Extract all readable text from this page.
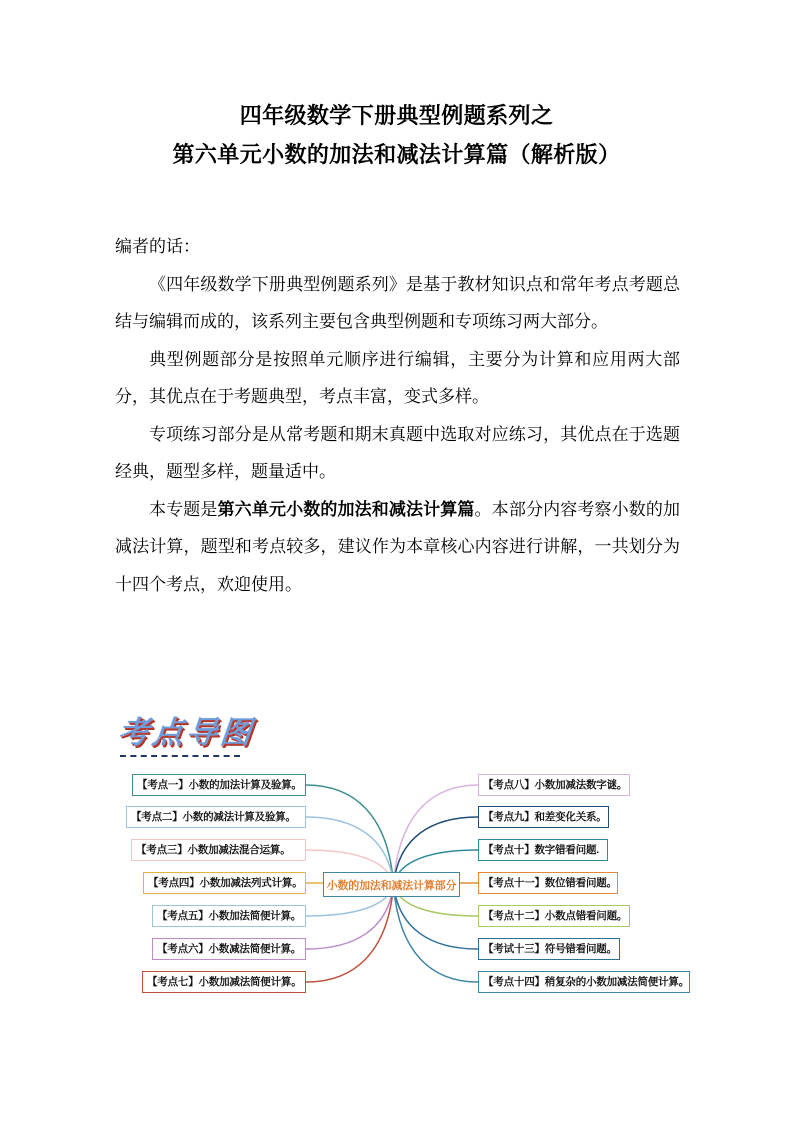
四年级数学下册典型例题系列之
第六单元小数的加法和减法计算篇（解析版）

编者的话：

《四年级数学下册典型例题系列》是基于教材知识点和常年考点考题总结与编辑而成的，该系列主要包含典型例题和专项练习两大部分。

典型例题部分是按照单元顺序进行编辑，主要分为计算和应用两大部分，其优点在于考题典型，考点丰富，变式多样。

专项练习部分是从常考题和期末真题中选取对应练习，其优点在于选题经典，题型多样，题量适中。

本专题是第六单元小数的加法和减法计算篇。本部分内容考察小数的加减法计算，题型和考点较多，建议作为本章核心内容进行讲解，一共划分为十四个考点，欢迎使用。

考点导图
小数的加法和减法计算部分
【考点一】小数的加法计算及验算。
【考点二】小数的减法计算及验算。
【考点三】小数加减法混合运算。
【考点四】小数加减法列式计算。
【考点五】小数加法简便计算。
【考点六】小数减法简便计算。
【考点七】小数加减法简便计算。
【考点八】小数加减法数字谜。
【考点九】和差变化关系。
【考点十】数字错看问题.
【考点十一】数位错看问题。
【考点十二】小数点错看问题。
【考试十三】符号错看问题。
【考点十四】稍复杂的小数加减法简便计算。
